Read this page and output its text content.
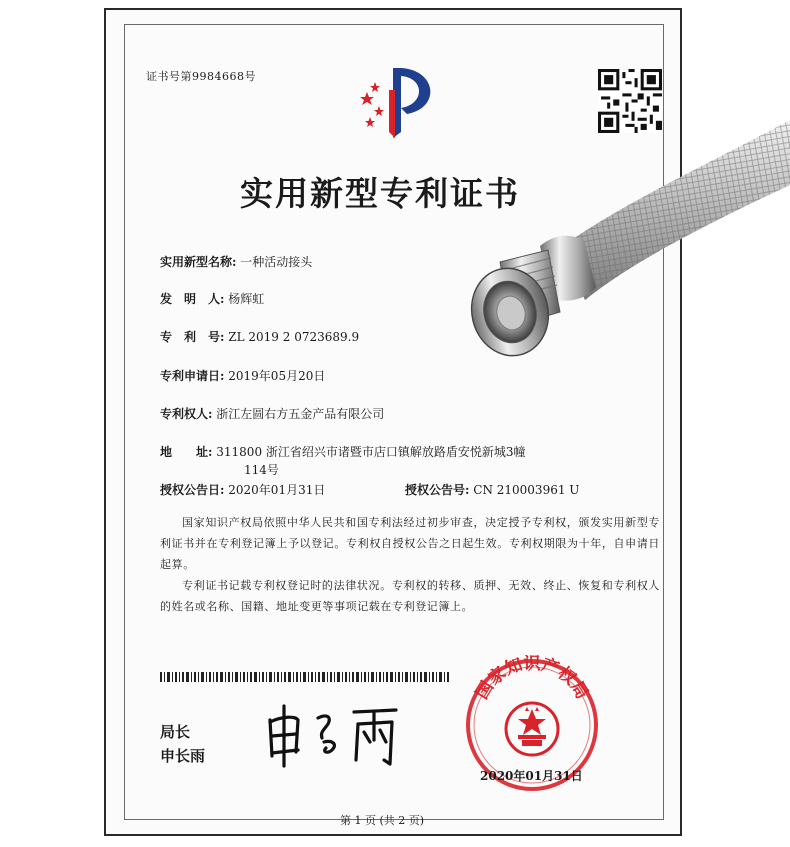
证书号第9984668号
实用新型专利证书
实用新型名称: 一种活动接头
发　明　人: 杨辉虹
专　利　号: ZL 2019 2 0723689.9
专利申请日: 2019年05月20日
专利权人: 浙江左圆右方五金产品有限公司
地　　址: 311800 浙江省绍兴市诸暨市店口镇解放路盾安悦新城3幢
114号
授权公告日: 2020年01月31日	授权公告号: CN 210003961 U
国家知识产权局依照中华人民共和国专利法经过初步审查，决定授予专利权，颁发实用新型专利证书并在专利登记簿上予以登记。专利权自授权公告之日起生效。专利权期限为十年，自申请日起算。
专利证书记载专利权登记时的法律状况。专利权的转移、质押、无效、终止、恢复和专利权人的姓名或名称、国籍、地址变更等事项记载在专利登记簿上。
局长
申长雨
国家知识产权局
2020年01月31日
第 1 页 (共 2 页)
